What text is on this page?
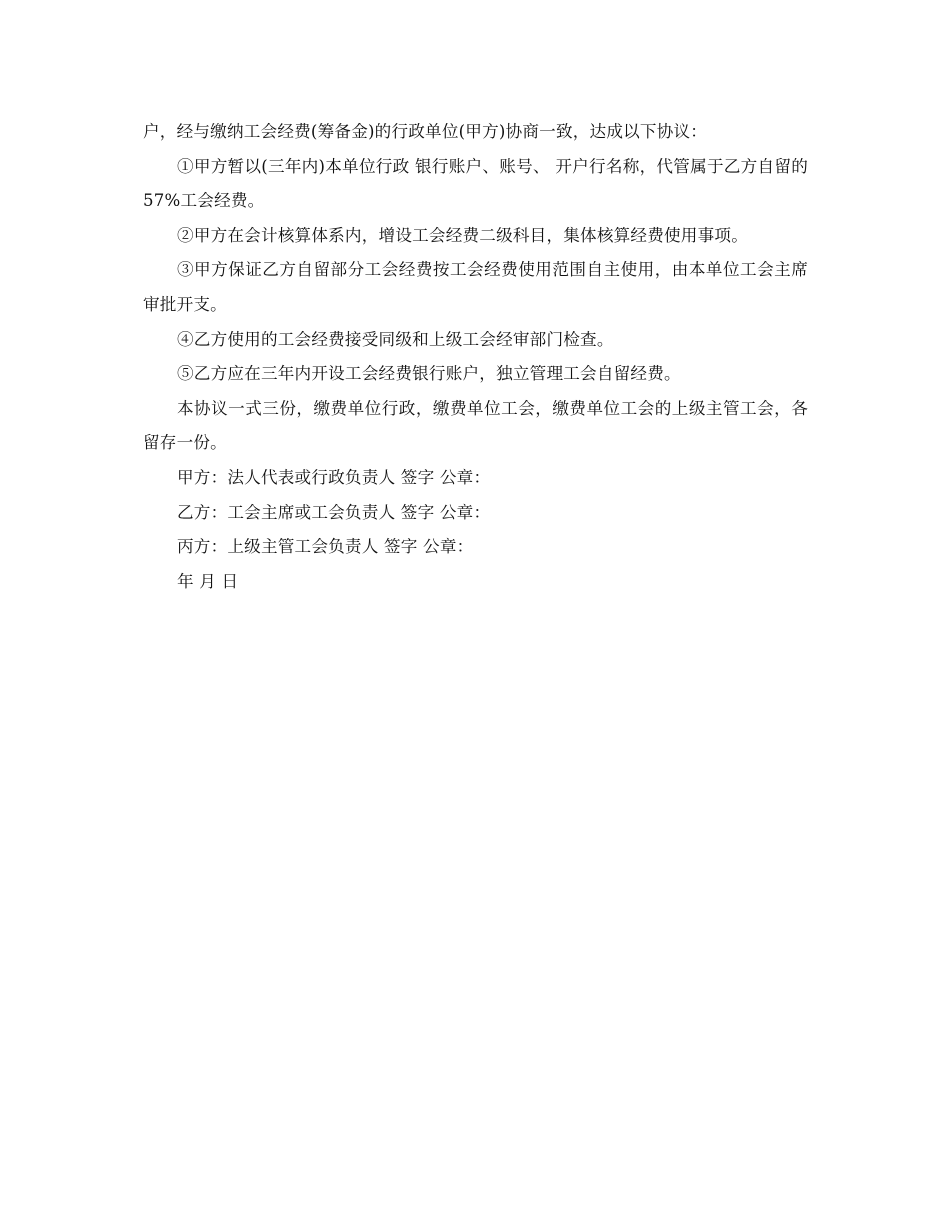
户，经与缴纳工会经费(筹备金)的行政单位(甲方)协商一致，达成以下协议：

①甲方暂以(三年内)本单位行政 银行账户、账号、 开户行名称，代管属于乙方自留的57%工会经费。

②甲方在会计核算体系内，增设工会经费二级科目，集体核算经费使用事项。

③甲方保证乙方自留部分工会经费按工会经费使用范围自主使用，由本单位工会主席审批开支。

④乙方使用的工会经费接受同级和上级工会经审部门检查。

⑤乙方应在三年内开设工会经费银行账户，独立管理工会自留经费。

本协议一式三份，缴费单位行政，缴费单位工会，缴费单位工会的上级主管工会，各留存一份。

甲方：法人代表或行政负责人 签字 公章：

乙方：工会主席或工会负责人 签字 公章：

丙方：上级主管工会负责人 签字 公章：

年 月 日
